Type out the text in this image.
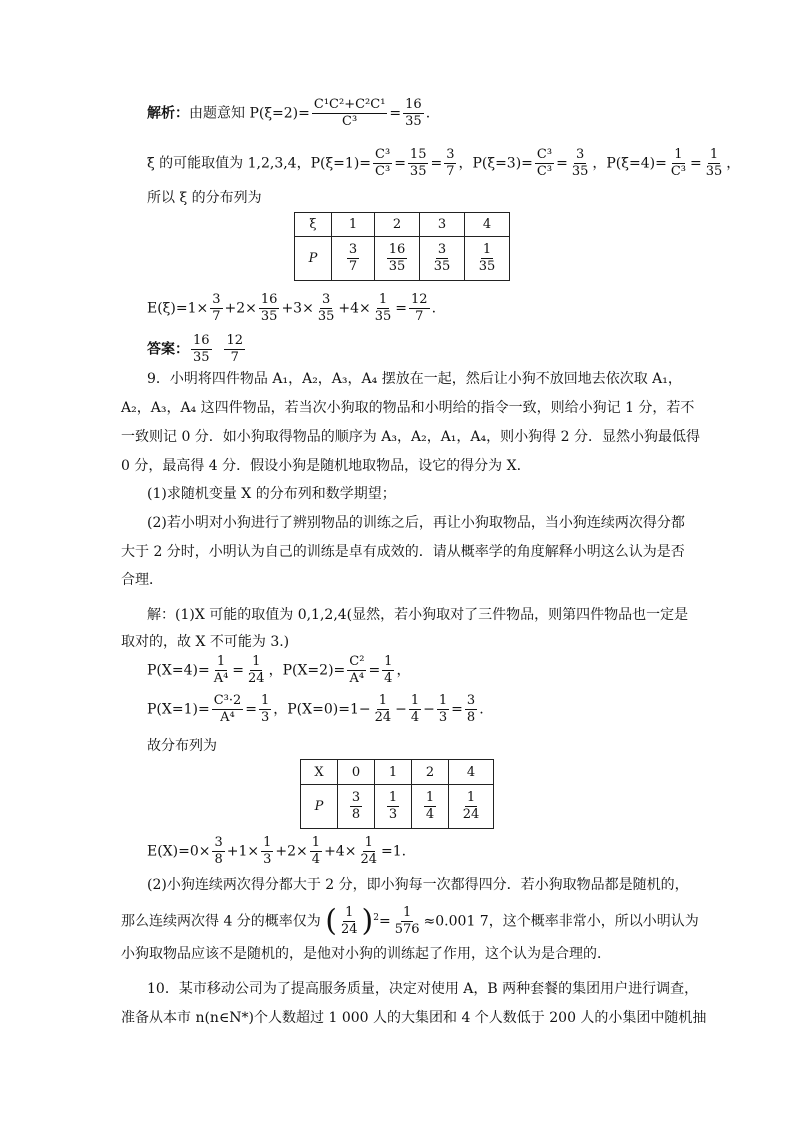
解析：由题意知 $P(\xi=2)= \frac{\text{C¹C²+C²C¹}}{\text{C³}} = \frac{16}{35}$ .
ξ 的可能取值为 1,2,3,4，$P(\xi=1)= \frac{\text{C³}}{\text{C³}} = \frac{15}{35} = \frac{3}{7}$ ，$P(\xi=3)= \frac{\text{C³}}{\text{C³}} = \frac{3}{35}$ ，$P(\xi=4)= \frac{1}{\text{C³}} = \frac{1}{35}$ ，
所以 ξ 的分布列为
ξ	1	2	3	4
P	$\frac{3}{7}$	$\frac{16}{35}$	$\frac{3}{35}$	$\frac{1}{35}$
$E(\xi)=1\times \frac{3}{7} +2\times \frac{16}{35} +3\times \frac{3}{35} +4\times \frac{1}{35} = \frac{12}{7}$ .
答案： $\frac{16}{35}$
$\frac{12}{7}$
9．小明将四件物品 A₁，A₂，A₃，A₄ 摆放在一起，然后让小狗不放回地去依次取 A₁，
A₂，A₃，A₄ 这四件物品，若当次小狗取的物品和小明给的指令一致，则给小狗记 1 分，若不
一致则记 0 分．如小狗取得物品的顺序为 A₃，A₂，A₁，A₄，则小狗得 2 分．显然小狗最低得
0 分，最高得 4 分．假设小狗是随机地取物品，设它的得分为 X.
(1)求随机变量 X 的分布列和数学期望；
(2)若小明对小狗进行了辨别物品的训练之后，再让小狗取物品，当小狗连续两次得分都
大于 2 分时，小明认为自己的训练是卓有成效的．请从概率学的角度解释小明这么认为是否
合理．
解：(1)X 可能的取值为 0,1,2,4(显然，若小狗取对了三件物品，则第四件物品也一定是
取对的，故 X 不可能为 3.)
$P(X=4)= \frac{1}{\text{A⁴}} = \frac{1}{24}$ ，$P(X=2)= \frac{\text{C²}}{\text{A⁴}} = \frac{1}{4}$ ，
$P(X=1)= \frac{\text{C³·2}}{\text{A⁴}} = \frac{1}{3}$ ，$P(X=0)=1- \frac{1}{24} - \frac{1}{4} - \frac{1}{3} = \frac{3}{8}$ .
故分布列为
X	0	1	2	4
P	$\frac{3}{8}$	$\frac{1}{3}$	$\frac{1}{4}$	$\frac{1}{24}$
$E(X)=0\times \frac{3}{8} +1\times \frac{1}{3} +2\times \frac{1}{4} +4\times \frac{1}{24} =1$.
(2)小狗连续两次得分都大于 2 分，即小狗每一次都得四分．若小狗取物品都是随机的，
那么连续两次得 4 分的概率仅为 ( $\frac{1}{24} )^2= \frac{1}{576} \approx 0.001$ 7，这个概率非常小，所以小明认为
小狗取物品应该不是随机的，是他对小狗的训练起了作用，这个认为是合理的．
10．某市移动公司为了提高服务质量，决定对使用 A，B 两种套餐的集团用户进行调查，
准备从本市 n(n∈N*)个人数超过 1 000 人的大集团和 4 个人数低于 200 人的小集团中随机抽
